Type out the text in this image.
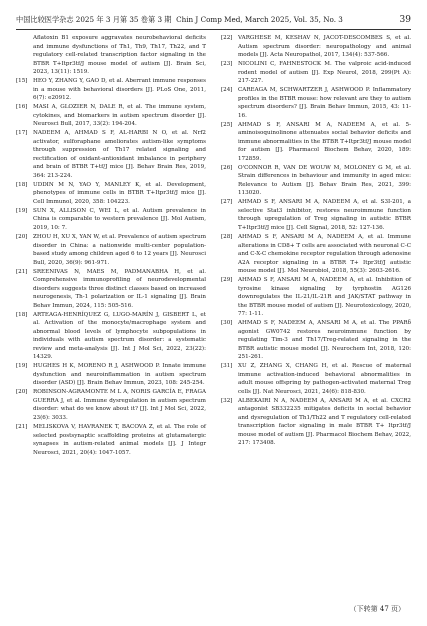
中国比较医学杂志 2025 年 3 月第 35 卷第 3 期 Chin J Comp Med, March 2025, Vol. 35, No. 3	39
Aflatoxin B1 exposure aggravates neurobehavioral deficits and immune dysfunctions of Th1, Th9, Th17, Th22, and T regulatory cell-related transcription factor signaling in the BTBR T+Itpr3tf/J mouse model of autism [J]. Brain Sci, 2023, 13(11): 1519.
[15] HEO Y, ZHANG Y, GAO D, et al. Aberrant immune responses in a mouse with behavioral disorders [J]. PLoS One, 2011, 6(7): e20912.
[16] MASI A, GLOZIER N, DALE R, et al. The immune system, cytokines, and biomarkers in autism spectrum disorder [J]. Neurosci Bull, 2017, 33(2): 194-204.
[17] NADEEM A, AHMAD S F, AL-HARBI N O, et al. Nrf2 activator, sulforaphane ameliorates autism-like symptoms through suppression of Th17 related signaling and rectification of oxidant-antioxidant imbalance in periphery and brain of BTBR T+tf/J mice [J]. Behav Brain Res, 2019, 364: 213-224.
[18] UDDIN M N, YAO Y, MANLEY K, et al. Development, phenotypes of immune cells in BTBR T+Itpr3tf/J mice [J]. Cell Immunol, 2020, 358: 104223.
[19] SUN X, ALLISON C, WEI L, et al. Autism prevalence in China is comparable to western prevalence [J]. Mol Autism, 2019, 10: 7.
[20] ZHOU H, XU X, YAN W, et al. Prevalence of autism spectrum disorder in China: a nationwide multi-center population-based study among children aged 6 to 12 years [J]. Neurosci Bull, 2020, 36(9): 961-971.
[21] SREENIVAS N, MAES M, PADMANABHA H, et al. Comprehensive immunoprofiling of neurodevelopmental disorders suggests three distinct classes based on increased neurogenesis, Th-1 polarization or IL-1 signaling [J]. Brain Behav Immun, 2024, 115: 505-516.
[18] ARTEAGA-HENRÍQUEZ G, LUGO-MARÍN J, GISBERT L, et al. Activation of the monocyte/macrophage system and abnormal blood levels of lymphocyte subpopulations in individuals with autism spectrum disorder: a systematic review and meta-analysis [J]. Int J Mol Sci, 2022, 23(22): 14329.
[19] HUGHES H K, MORENO R J, ASHWOOD P. Innate immune dysfunction and neuroinflammation in autism spectrum disorder (ASD) [J]. Brain Behav Immun, 2023, 108: 245-254.
[20] ROBINSON-AGRAMONTE M L A, NORIS GARCÍA E, FRAGA GUERRA J, et al. Immune dysregulation in autism spectrum disorder: what do we know about it? [J]. Int J Mol Sci, 2022, 23(6): 3033.
[21] MELISKOVA V, HAVRANEK T, BACOVA Z, et al. The role of selected postsynaptic scaffolding proteins at glutamatergic synapses in autism-related animal models [J]. J Integr Neurosci, 2021, 20(4): 1047-1057.
[22] VARGHESE M, KESHAV N, JACOT-DESCOMBES S, et al. Autism spectrum disorder: neuropathology and animal models [J]. Acta Neuropathol, 2017, 134(4): 537-566.
[23] NICOLINI C, FAHNESTOCK M. The valproic acid-induced rodent model of autism [J]. Exp Neurol, 2018, 299(Pt A): 217-227.
[24] CAREAGA M, SCHWARTZER J, ASHWOOD P. Inflammatory profiles in the BTBR mouse: how relevant are they to autism spectrum disorders? [J]. Brain Behav Immun, 2015, 43: 11-16.
[25] AHMAD S F, ANSARI M A, NADEEM A, et al. 5-aminoisoquinolinone attenuates social behavior deficits and immune abnormalities in the BTBR T+Itpr3tf/J mouse model for autism [J]. Pharmacol Biochem Behav, 2020, 189: 172859.
[26] O'CONNOR R, VAN DE WOUW M, MOLONEY G M, et al. Strain differences in behaviour and immunity in aged mice: Relevance to Autism [J]. Behav Brain Res, 2021, 399: 113020.
[27] AHMAD S F, ANSARI M A, NADEEM A, et al. S3I-201, a selective Stat3 inhibitor, restores neuroimmune function through upregulation of Treg signaling in autistic BTBR T+Itpr3tf/J mice [J]. Cell Signal, 2018, 52: 127-136.
[28] AHMAD S F, ANSARI M A, NADEEM A, et al. Immune alterations in CD8+ T cells are associated with neuronal C-C and C-X-C chemokine receptor regulation through adenosine A2A receptor signaling in a BTBR T+ Itpr3tf/J autistic mouse model [J]. Mol Neurobiol, 2018, 55(3): 2603-2616.
[29] AHMAD S F, ANSARI M A, NADEEM A, et al. Inhibition of tyrosine kinase signaling by tyrphostin AG126 downregulates the IL-21/IL-21R and JAK/STAT pathway in the BTBR mouse model of autism [J]. Neurotoxicology, 2020, 77: 1-11.
[30] AHMAD S F, NADEEM A, ANSARI M A, et al. The PPARδ agonist GW0742 restores neuroimmune function by regulating Tim-3 and Th17/Treg-related signaling in the BTBR autistic mouse model [J]. Neurochem Int, 2018, 120: 251-261.
[31] XU Z, ZHANG X, CHANG H, et al. Rescue of maternal immune activation-induced behavioral abnormalities in adult mouse offspring by pathogen-activated maternal Treg cells [J]. Nat Neurosci, 2021, 24(6): 818-830.
[32] ALBEKAIRI N A, NADEEM A, ANSARI M A, et al. CXCR2 antagonist SB332235 mitigates deficits in social behavior and dysregulation of Th1/Th22 and T regulatory cell-related transcription factor signaling in male BTBR T+ Itpr3tf/J mouse model of autism [J]. Pharmacol Biochem Behav, 2022, 217: 173408.
（下转第 47 页）
